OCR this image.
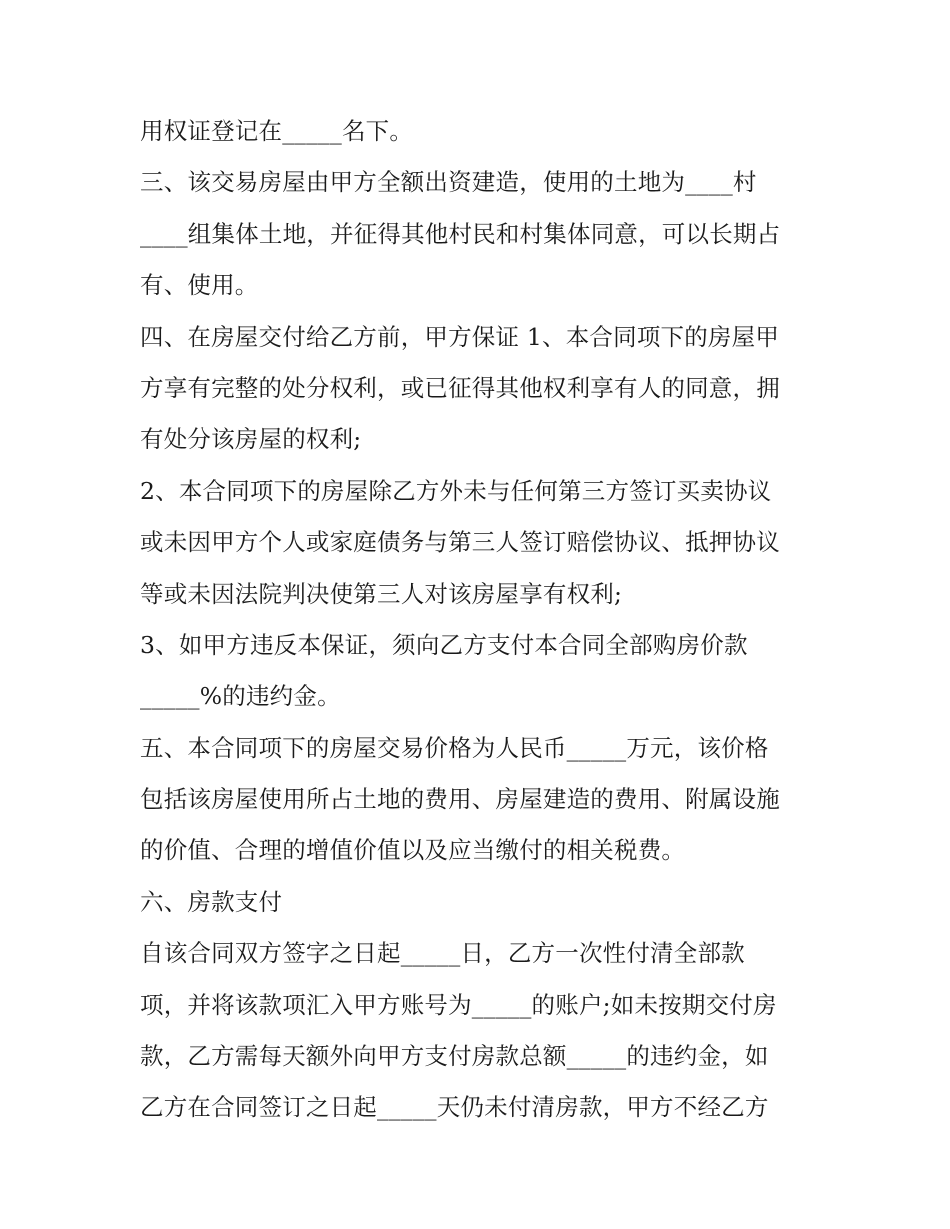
用权证登记在_____名下。
三、该交易房屋由甲方全额出资建造，使用的土地为____村
____组集体土地，并征得其他村民和村集体同意，可以长期占
有、使用。
四、在房屋交付给乙方前，甲方保证 1、本合同项下的房屋甲
方享有完整的处分权利，或已征得其他权利享有人的同意，拥
有处分该房屋的权利;
2、本合同项下的房屋除乙方外未与任何第三方签订买卖协议
或未因甲方个人或家庭债务与第三人签订赔偿协议、抵押协议
等或未因法院判决使第三人对该房屋享有权利;
3、如甲方违反本保证，须向乙方支付本合同全部购房价款
_____%的违约金。
五、本合同项下的房屋交易价格为人民币_____万元，该价格
包括该房屋使用所占土地的费用、房屋建造的费用、附属设施
的价值、合理的增值价值以及应当缴付的相关税费。
六、房款支付
自该合同双方签字之日起_____日，乙方一次性付清全部款
项，并将该款项汇入甲方账号为_____的账户;如未按期交付房
款，乙方需每天额外向甲方支付房款总额_____的违约金，如
乙方在合同签订之日起_____天仍未付清房款，甲方不经乙方
